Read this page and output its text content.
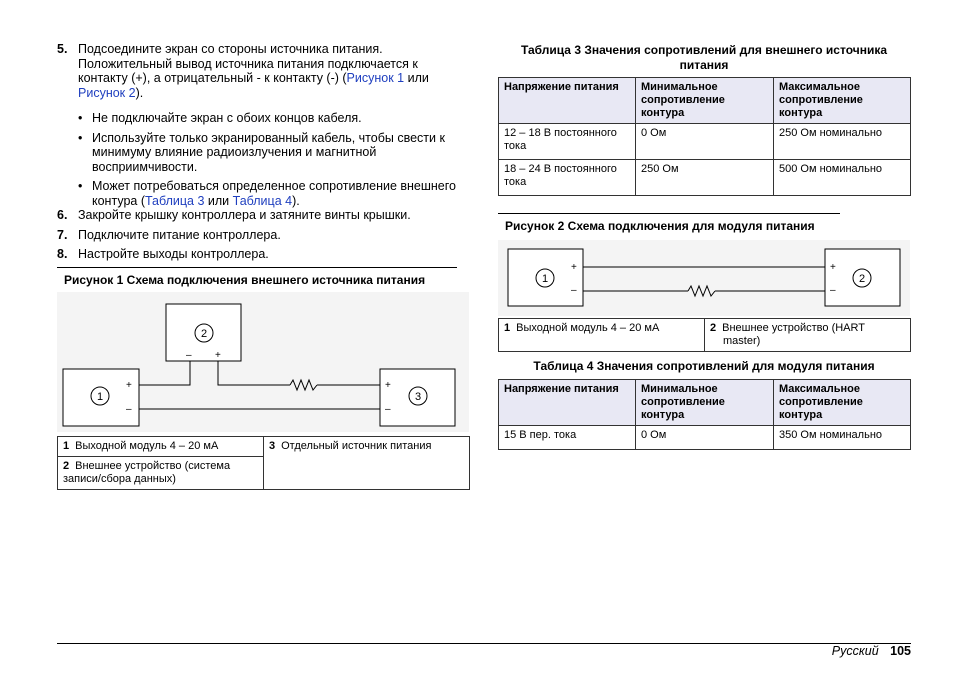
5. Подсоедините экран со стороны источника питания.
Положительный вывод источника питания подключается к
контакту (+), а отрицательный - к контакту (-) (Рисунок 1 или
Рисунок 2).
• Не подключайте экран с обоих концов кабеля.
• Используйте только экранированный кабель, чтобы свести к
минимуму влияние радиоизлучения и магнитной
восприимчивости.
• Может потребоваться определенное сопротивление внешнего
контура (Таблица 3 или Таблица 4).
6. Закройте крышку контроллера и затяните винты крышки.
7. Подключите питание контроллера.
8. Настройте выходы контроллера.
Рисунок 1 Схема подключения внешнего источника питания
1
2
3
+
–
– +
+
–
1 Выходной модуль 4 – 20 мА	3 Отдельный источник питания
2 Внешнее устройство (система
записи/сбора данных)
Таблица 3 Значения сопротивлений для внешнего источника
питания
Напряжение питания	Минимальное
сопротивление
контура	Максимальное
сопротивление
контура
12 – 18 В постоянного
тока	0 Ом	250 Ом номинально
18 – 24 В постоянного
тока	250 Ом	500 Ом номинально
Рисунок 2 Схема подключения для модуля питания
1	2
+
–
+
–
1 Выходной модуль 4 – 20 мА	2 Внешнее устройство (HART
master)
Таблица 4 Значения сопротивлений для модуля питания
Напряжение питания	Минимальное
сопротивление
контура	Максимальное
сопротивление
контура
15 В пер. тока	0 Ом	350 Ом номинально
Русский 105
